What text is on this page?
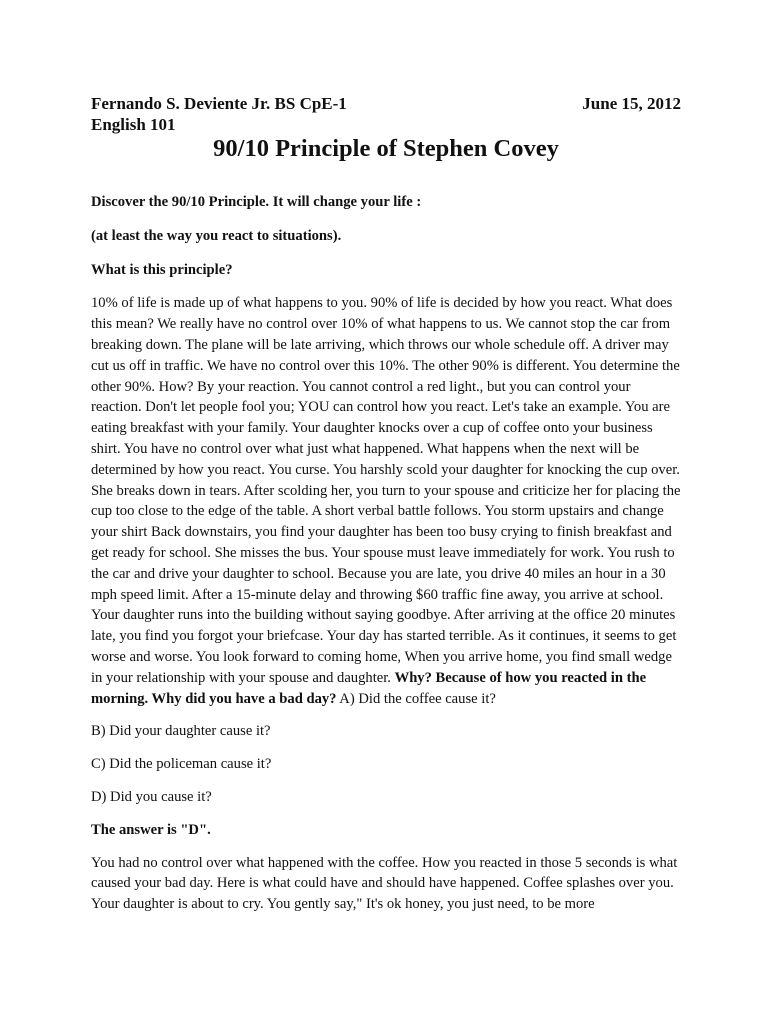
Fernando S. Deviente Jr. BS CpE-1	June 15, 2012
English 101
90/10 Principle of Stephen Covey

Discover the 90/10 Principle. It will change your life :

(at least the way you react to situations).

What is this principle?

10% of life is made up of what happens to you. 90% of life is decided by how you react. What does this mean? We really have no control over 10% of what happens to us. We cannot stop the car from breaking down. The plane will be late arriving, which throws our whole schedule off. A driver may cut us off in traffic. We have no control over this 10%. The other 90% is different. You determine the other 90%. How? By your reaction. You cannot control a red light., but you can control your reaction. Don't let people fool you; YOU can control how you react. Let's take an example. You are eating breakfast with your family. Your daughter knocks over a cup of coffee onto your business shirt. You have no control over what just what happened. What happens when the next will be determined by how you react. You curse. You harshly scold your daughter for knocking the cup over. She breaks down in tears. After scolding her, you turn to your spouse and criticize her for placing the cup too close to the edge of the table. A short verbal battle follows. You storm upstairs and change your shirt Back downstairs, you find your daughter has been too busy crying to finish breakfast and get ready for school. She misses the bus. Your spouse must leave immediately for work. You rush to the car and drive your daughter to school. Because you are late, you drive 40 miles an hour in a 30 mph speed limit. After a 15-minute delay and throwing $60 traffic fine away, you arrive at school. Your daughter runs into the building without saying goodbye. After arriving at the office 20 minutes late, you find you forgot your briefcase. Your day has started terrible. As it continues, it seems to get worse and worse. You look forward to coming home, When you arrive home, you find small wedge in your relationship with your spouse and daughter. Why? Because of how you reacted in the morning. Why did you have a bad day? A) Did the coffee cause it?

B) Did your daughter cause it?

C) Did the policeman cause it?

D) Did you cause it?

The answer is "D".

You had no control over what happened with the coffee. How you reacted in those 5 seconds is what caused your bad day. Here is what could have and should have happened. Coffee splashes over you. Your daughter is about to cry. You gently say," It's ok honey, you just need, to be more
